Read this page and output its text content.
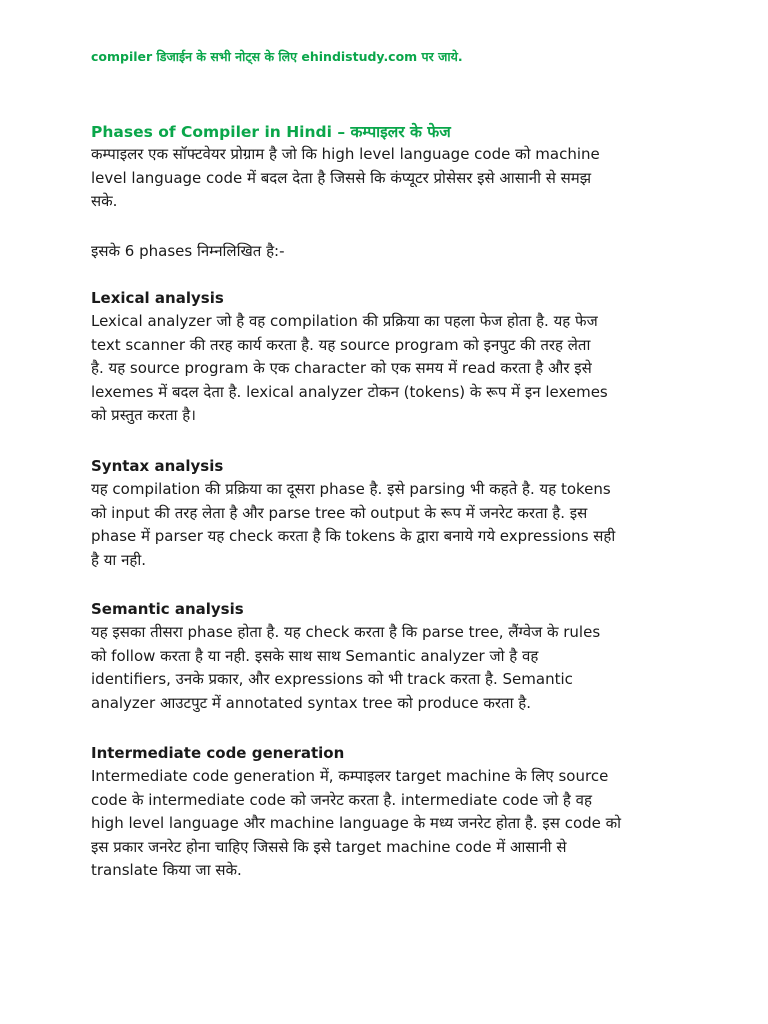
compiler डिजाईन के सभी नोट्स के लिए ehindistudy.com पर जाये.
Phases of Compiler in Hindi – कम्पाइलर के फेज
कम्पाइलर एक सॉफ्टवेयर प्रोग्राम है जो कि high level language code को machine
level language code में बदल देता है जिससे कि कंप्यूटर प्रोसेसर इसे आसानी से समझ
सके.
इसके 6 phases निम्नलिखित है:-
Lexical analysis
Lexical analyzer जो है वह compilation की प्रक्रिया का पहला फेज होता है. यह फेज
text scanner की तरह कार्य करता है. यह source program को इनपुट की तरह लेता
है. यह source program के एक character को एक समय में read करता है और इसे
lexemes में बदल देता है. lexical analyzer टोकन (tokens) के रूप में इन lexemes
को प्रस्तुत करता है।
Syntax analysis
यह compilation की प्रक्रिया का दूसरा phase है. इसे parsing भी कहते है. यह tokens
को input की तरह लेता है और parse tree को output के रूप में जनरेट करता है. इस
phase में parser यह check करता है कि tokens के द्वारा बनाये गये expressions सही
है या नही.
Semantic analysis
यह इसका तीसरा phase होता है. यह check करता है कि parse tree, लैंग्वेज के rules
को follow करता है या नही. इसके साथ साथ Semantic analyzer जो है वह
identifiers, उनके प्रकार, और expressions को भी track करता है. Semantic
analyzer आउटपुट में annotated syntax tree को produce करता है.
Intermediate code generation
Intermediate code generation में, कम्पाइलर target machine के लिए source
code के intermediate code को जनरेट करता है. intermediate code जो है वह
high level language और machine language के मध्य जनरेट होता है. इस code को
इस प्रकार जनरेट होना चाहिए जिससे कि इसे target machine code में आसानी से
translate किया जा सके.
